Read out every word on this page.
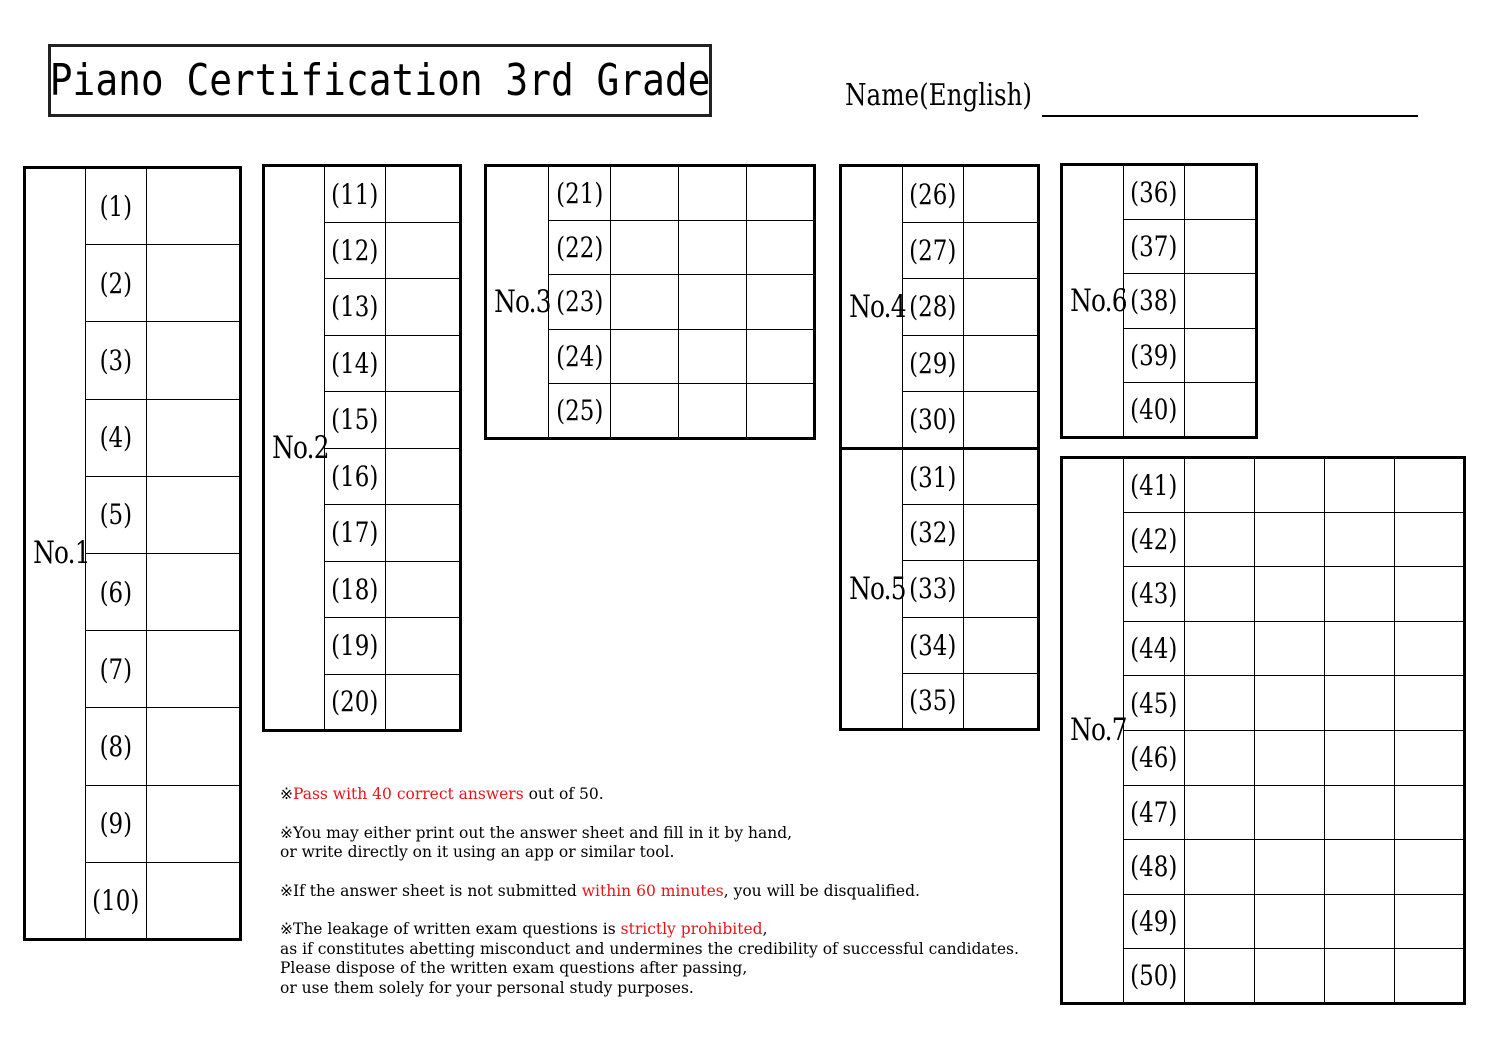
Piano Certification 3rd Grade	Name(English)
No.1	(1)	
	(2)	
	(3)	
	(4)	
	(5)	
	(6)	
	(7)	
	(8)	
	(9)	
	(10)	
No.2	(11)	
	(12)	
	(13)	
	(14)	
	(15)	
	(16)	
	(17)	
	(18)	
	(19)	
	(20)	
No.3	(21)			
	(22)			
	(23)			
	(24)			
	(25)			
No.4	(26)	
	(27)	
	(28)	
	(29)	
	(30)	
No.5	(31)	
	(32)	
	(33)	
	(34)	
	(35)	
No.6	(36)	
	(37)	
	(38)	
	(39)	
	(40)	
No.7	(41)				
	(42)				
	(43)				
	(44)				
	(45)				
	(46)				
	(47)				
	(48)				
	(49)				
	(50)				
※Pass with 40 correct answers out of 50.
※You may either print out the answer sheet and fill in it by hand,
or write directly on it using an app or similar tool.
※If the answer sheet is not submitted within 60 minutes, you will be disqualified.
※The leakage of written exam questions is strictly prohibited,
as if constitutes abetting misconduct and undermines the credibility of successful candidates.
Please dispose of the written exam questions after passing,
or use them solely for your personal study purposes.
